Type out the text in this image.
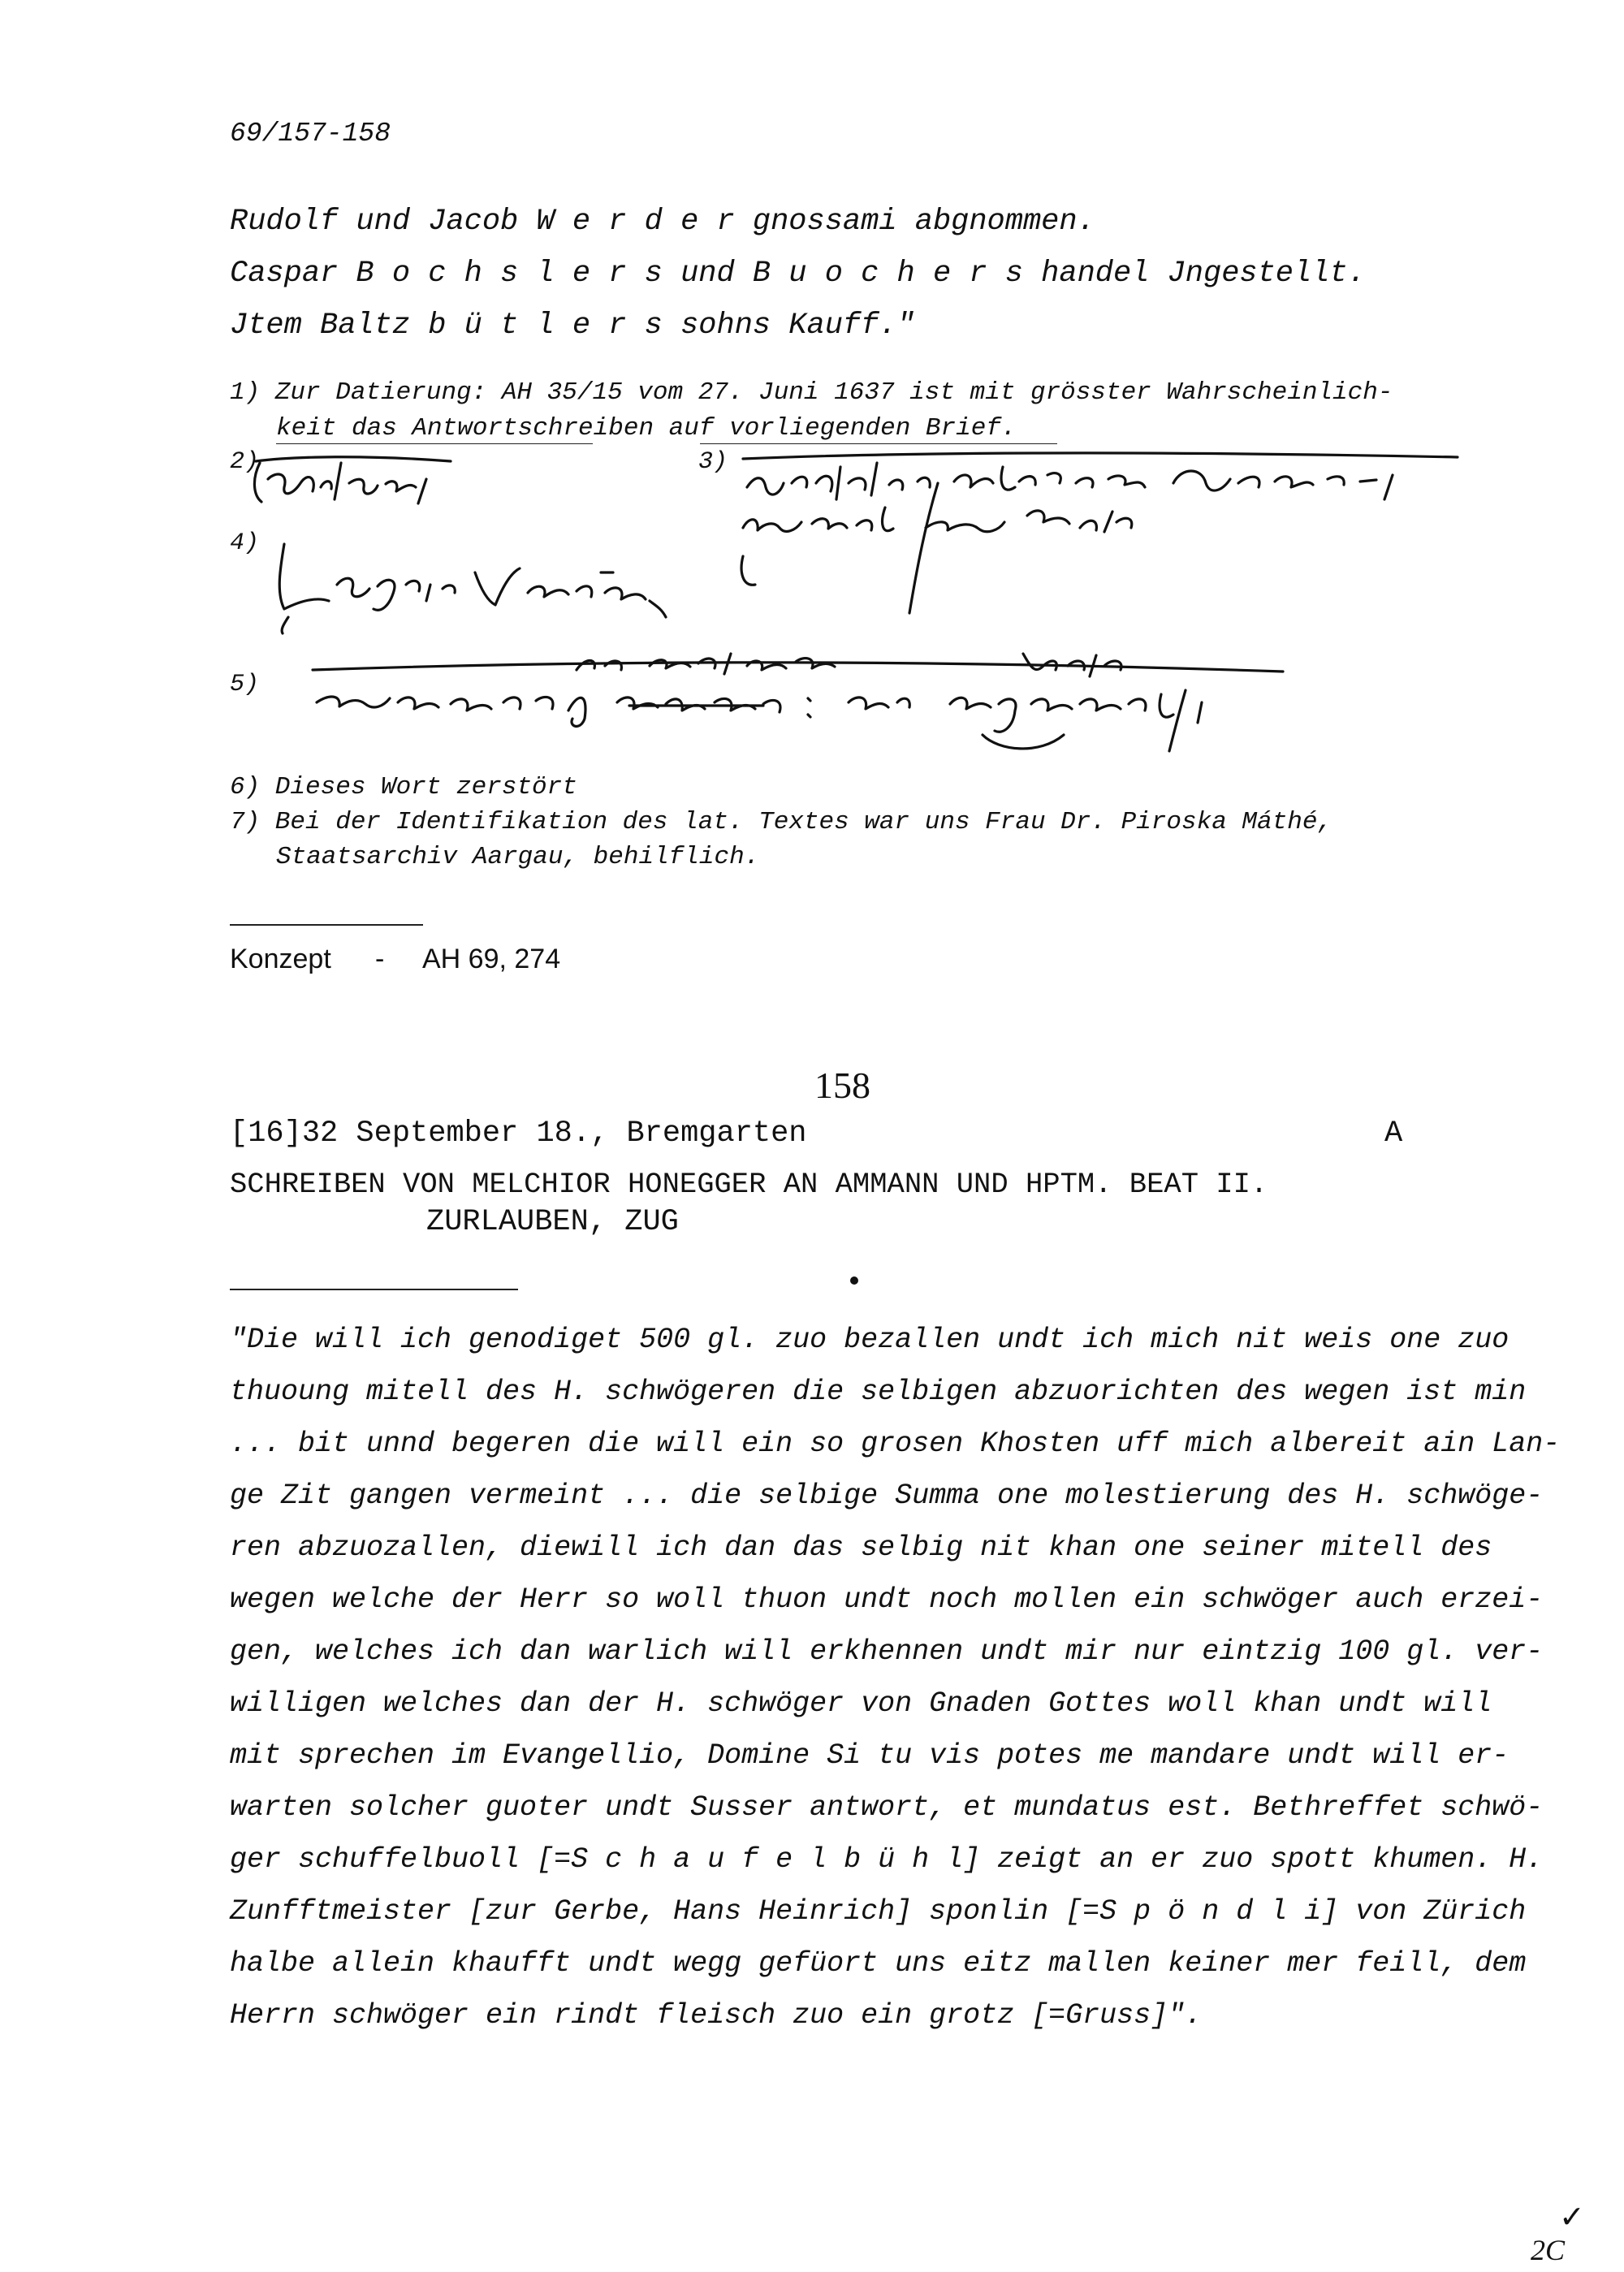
69/157-158
Rudolf und Jacob W e r d e r gnossami abgnommen.
Caspar B o c h s l e r s und B u o c h e r s handel Jngestellt.
Jtem Baltz b ü t l e r s sohns Kauff."
1) Zur Datierung: AH 35/15 vom 27. Juni 1637 ist mit grösster Wahrscheinlich-
keit das Antwortschreiben auf vorliegenden Brief.
2)	3)
4)
5)
6) Dieses Wort zerstört
7) Bei der Identifikation des lat. Textes war uns Frau Dr. Piroska Máthé,
Staatsarchiv Aargau, behilflich.
Konzept - AH 69, 274
158
[16]32 September 18., Bremgarten	A
SCHREIBEN VON MELCHIOR HONEGGER AN AMMANN UND HPTM. BEAT II.
ZURLAUBEN, ZUG
"Die will ich genodiget 500 gl. zuo bezallen undt ich mich nit weis one zuo
thuoung mitell des H. schwögeren die selbigen abzuorichten des wegen ist min
... bit unnd begeren die will ein so grosen Khosten uff mich albereit ain Lan-
ge Zit gangen vermeint ... die selbige Summa one molestierung des H. schwöge-
ren abzuozallen, diewill ich dan das selbig nit khan one seiner mitell des
wegen welche der Herr so woll thuon undt noch mollen ein schwöger auch erzei-
gen, welches ich dan warlich will erkhennen undt mir nur eintzig 100 gl. ver-
willigen welches dan der H. schwöger von Gnaden Gottes woll khan undt will
mit sprechen im Evangellio, Domine Si tu vis potes me mandare undt will er-
warten solcher guoter undt Susser antwort, et mundatus est. Bethreffet schwö-
ger schuffelbuoll [=S c h a u f e l b ü h l] zeigt an er zuo spott khumen. H.
Zunfftmeister [zur Gerbe, Hans Heinrich] sponlin [=S p ö n d l i] von Zürich
halbe allein khaufft undt wegg gefüort uns eitz mallen keiner mer feill, dem
Herrn schwöger ein rindt fleisch zuo ein grotz [=Gruss]".
✓
2C
